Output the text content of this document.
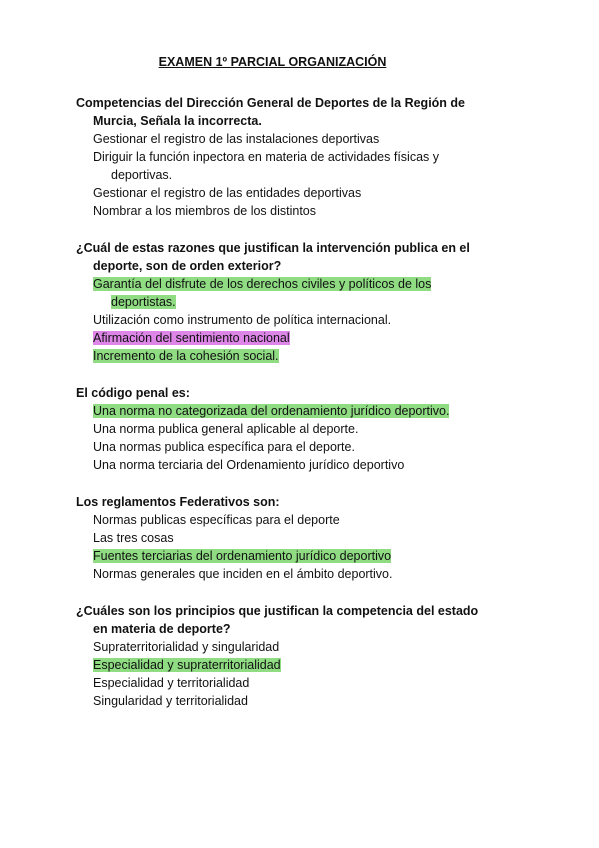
EXAMEN 1º PARCIAL ORGANIZACIÓN
Competencias del Dirección General de Deportes de la Región de Murcia, Señala la incorrecta.
Gestionar el registro de las instalaciones deportivas
Diriguir la función inpectora en materia de actividades físicas y deportivas.
Gestionar el registro de las entidades deportivas
Nombrar a los miembros de los distintos
¿Cuál de estas razones que justifican la intervención publica en el deporte, son de orden exterior?
Garantía del disfrute de los derechos civiles y políticos de los deportistas.
Utilización como instrumento de política internacional.
Afirmación del sentimiento nacional
Incremento de la cohesión social.
El código penal es:
Una norma no categorizada del ordenamiento jurídico deportivo.
Una norma publica general aplicable al deporte.
Una normas publica específica para el deporte.
Una norma terciaria del Ordenamiento jurídico deportivo
Los reglamentos Federativos son:
Normas publicas específicas para el deporte
Las tres cosas
Fuentes terciarias del ordenamiento jurídico deportivo
Normas generales que inciden en el ámbito deportivo.
¿Cuáles son los principios que justifican la competencia del estado en materia de deporte?
Supraterritorialidad y singularidad
Especialidad y supraterritorialidad
Especialidad y territorialidad
Singularidad y territorialidad
